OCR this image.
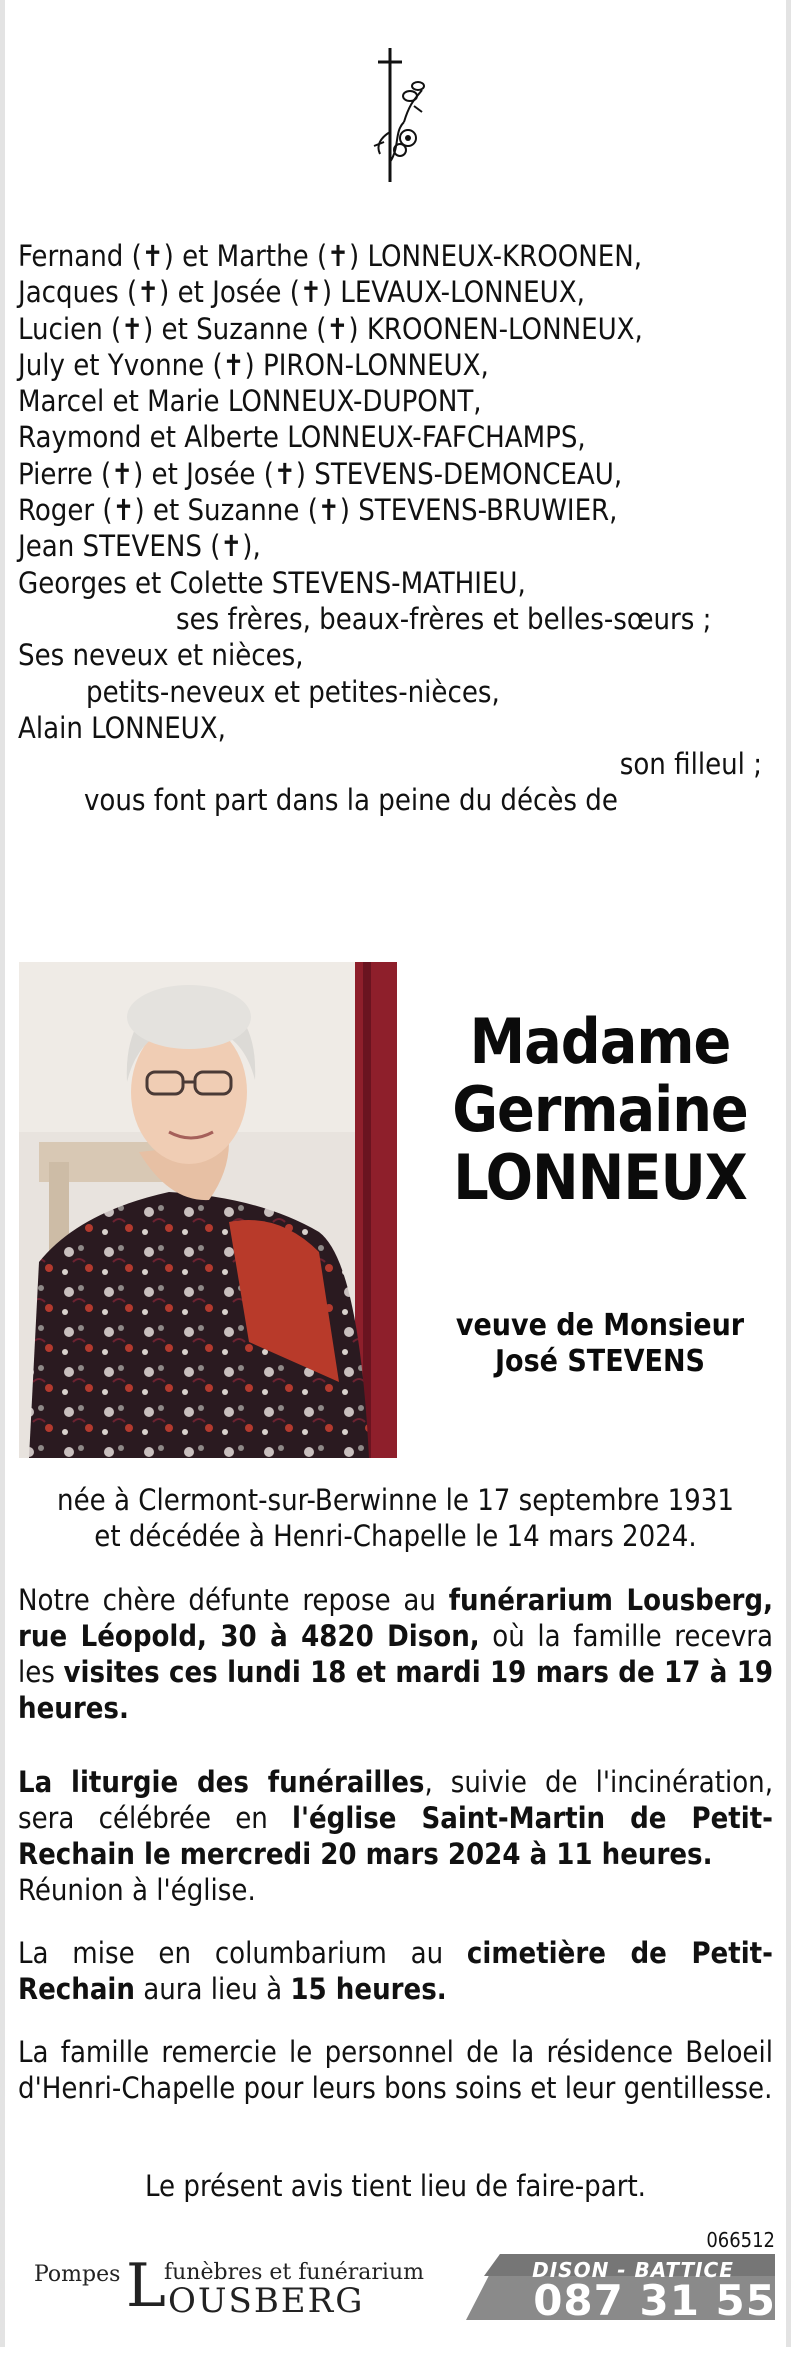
Fernand (✝) et Marthe (✝) LONNEUX-KROONEN,
Jacques (✝) et Josée (✝) LEVAUX-LONNEUX,
Lucien (✝) et Suzanne (✝) KROONEN-LONNEUX,
July et Yvonne (✝) PIRON-LONNEUX,
Marcel et Marie LONNEUX-DUPONT,
Raymond et Alberte LONNEUX-FAFCHAMPS,
Pierre (✝) et Josée (✝) STEVENS-DEMONCEAU,
Roger (✝) et Suzanne (✝) STEVENS-BRUWIER,
Jean STEVENS (✝),
Georges et Colette STEVENS-MATHIEU,
ses frères, beaux-frères et belles-sœurs ;
Ses neveux et nièces,
petits-neveux et petites-nièces,
Alain LONNEUX,
son filleul ;
vous font part dans la peine du décès de
Madame
Germaine
LONNEUX
veuve de Monsieur
José STEVENS
née à Clermont-sur-Berwinne le 17 septembre 1931
et décédée à Henri-Chapelle le 14 mars 2024.
Notre chère défunte repose au funérarium Lousberg, rue Léopold, 30 à 4820 Dison, où la famille recevra les visites ces lundi 18 et mardi 19 mars de 17 à 19 heures.
La liturgie des funérailles, suivie de l'incinération, sera célébrée en l'église Saint-Martin de Petit-Rechain le mercredi 20 mars 2024 à 11 heures.
Réunion à l'église.
La mise en columbarium au cimetière de Petit-Rechain aura lieu à 15 heures.
La famille remercie le personnel de la résidence Beloeil d'Henri-Chapelle pour leurs bons soins et leur gentillesse.
Le présent avis tient lieu de faire-part.
066512
Pompes L
funèbres et funérarium
OUSBERG
DISON - BATTICE
087 31 55 55
